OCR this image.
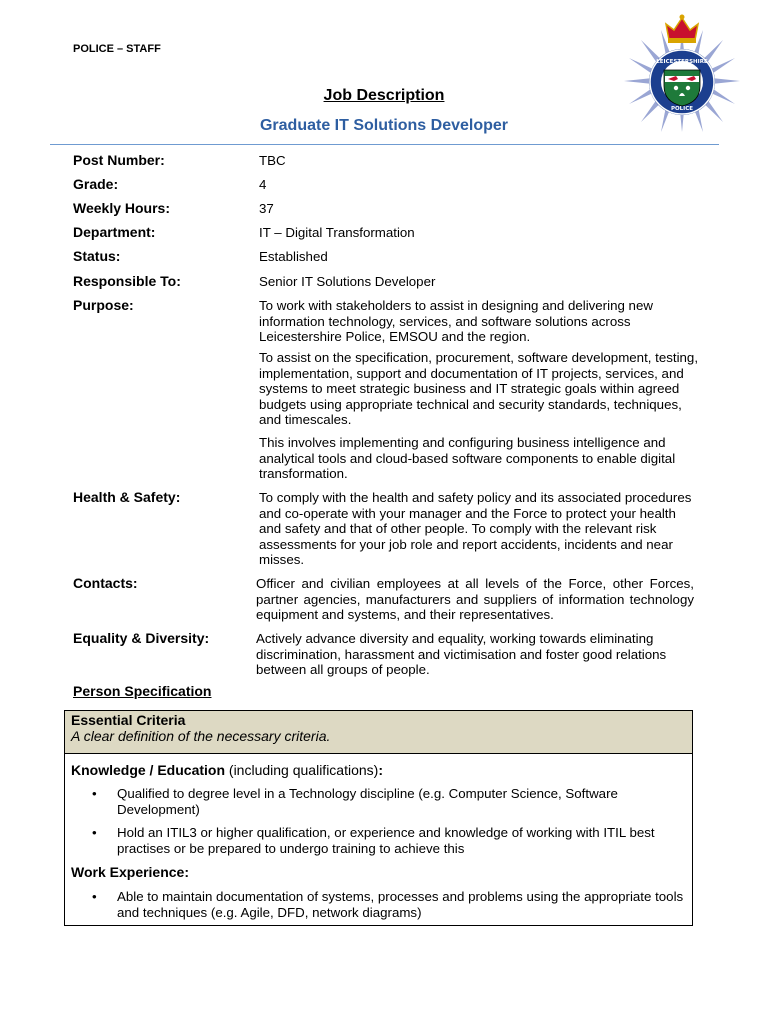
POLICE – STAFF
LEICESTERSHIRE
POLICE
Job Description
Graduate IT Solutions Developer
Post Number:	TBC
Grade:	4
Weekly Hours:	37
Department:	IT – Digital Transformation
Status:	Established
Responsible To:	Senior IT Solutions Developer
Purpose:	To work with stakeholders to assist in designing and delivering new information technology, services, and software solutions across Leicestershire Police, EMSOU and the region.
To assist on the specification, procurement, software development, testing, implementation, support and documentation of IT projects, services, and systems to meet strategic business and IT strategic goals within agreed budgets using appropriate technical and security standards, techniques, and timescales.
This involves implementing and configuring business intelligence and analytical tools and cloud-based software components to enable digital transformation.
Health & Safety:	To comply with the health and safety policy and its associated procedures and co-operate with your manager and the Force to protect your health and safety and that of other people. To comply with the relevant risk assessments for your job role and report accidents, incidents and near misses.
Contacts:	Officer and civilian employees at all levels of the Force, other Forces, partner agencies, manufacturers and suppliers of information technology equipment and systems, and their representatives.
Equality & Diversity:	Actively advance diversity and equality, working towards eliminating discrimination, harassment and victimisation and foster good relations between all groups of people.
Person Specification
Essential Criteria
A clear definition of the necessary criteria.
Knowledge / Education (including qualifications):
• Qualified to degree level in a Technology discipline (e.g. Computer Science, Software Development)
• Hold an ITIL3 or higher qualification, or experience and knowledge of working with ITIL best practises or be prepared to undergo training to achieve this
Work Experience:
• Able to maintain documentation of systems, processes and problems using the appropriate tools and techniques (e.g. Agile, DFD, network diagrams)
